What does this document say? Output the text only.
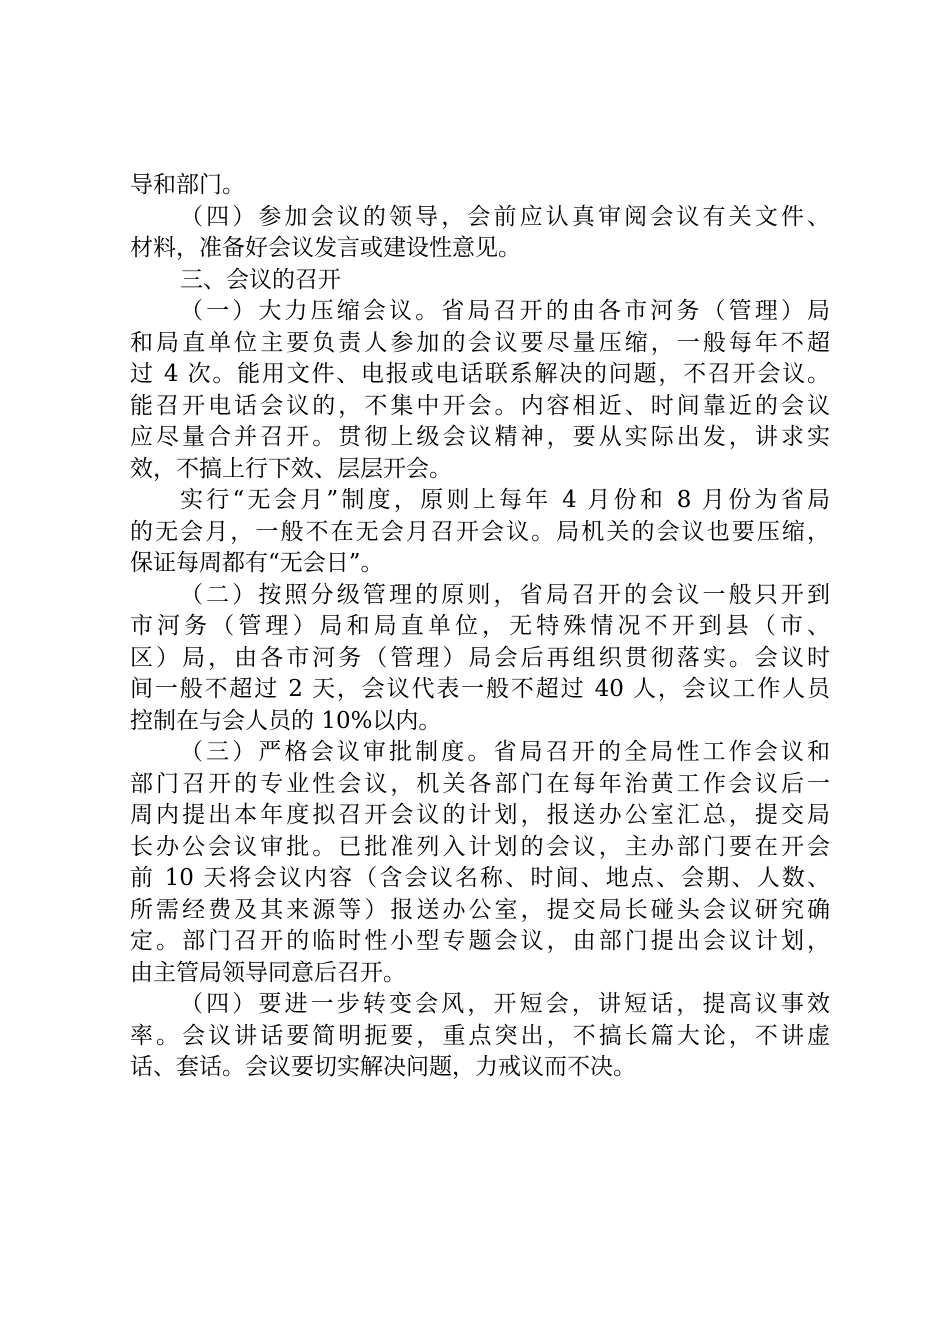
导和部门。
（四）参加会议的领导，会前应认真审阅会议有关文件、
材料，准备好会议发言或建设性意见。
三、会议的召开
（一）大力压缩会议。省局召开的由各市河务（管理）局
和局直单位主要负责人参加的会议要尽量压缩，一般每年不超
过 4 次。能用文件、电报或电话联系解决的问题，不召开会议。
能召开电话会议的，不集中开会。内容相近、时间靠近的会议
应尽量合并召开。贯彻上级会议精神，要从实际出发，讲求实
效，不搞上行下效、层层开会。
实行“无会月”制度，原则上每年 4 月份和 8 月份为省局
的无会月，一般不在无会月召开会议。局机关的会议也要压缩，
保证每周都有“无会日”。
（二）按照分级管理的原则，省局召开的会议一般只开到
市河务（管理）局和局直单位，无特殊情况不开到县（市、
区）局，由各市河务（管理）局会后再组织贯彻落实。会议时
间一般不超过 2 天，会议代表一般不超过 40 人，会议工作人员
控制在与会人员的 10%以内。
（三）严格会议审批制度。省局召开的全局性工作会议和
部门召开的专业性会议，机关各部门在每年治黄工作会议后一
周内提出本年度拟召开会议的计划，报送办公室汇总，提交局
长办公会议审批。已批准列入计划的会议，主办部门要在开会
前 10 天将会议内容（含会议名称、时间、地点、会期、人数、
所需经费及其来源等）报送办公室，提交局长碰头会议研究确
定。部门召开的临时性小型专题会议，由部门提出会议计划，
由主管局领导同意后召开。
（四）要进一步转变会风，开短会，讲短话，提高议事效
率。会议讲话要简明扼要，重点突出，不搞长篇大论，不讲虚
话、套话。会议要切实解决问题，力戒议而不决。
